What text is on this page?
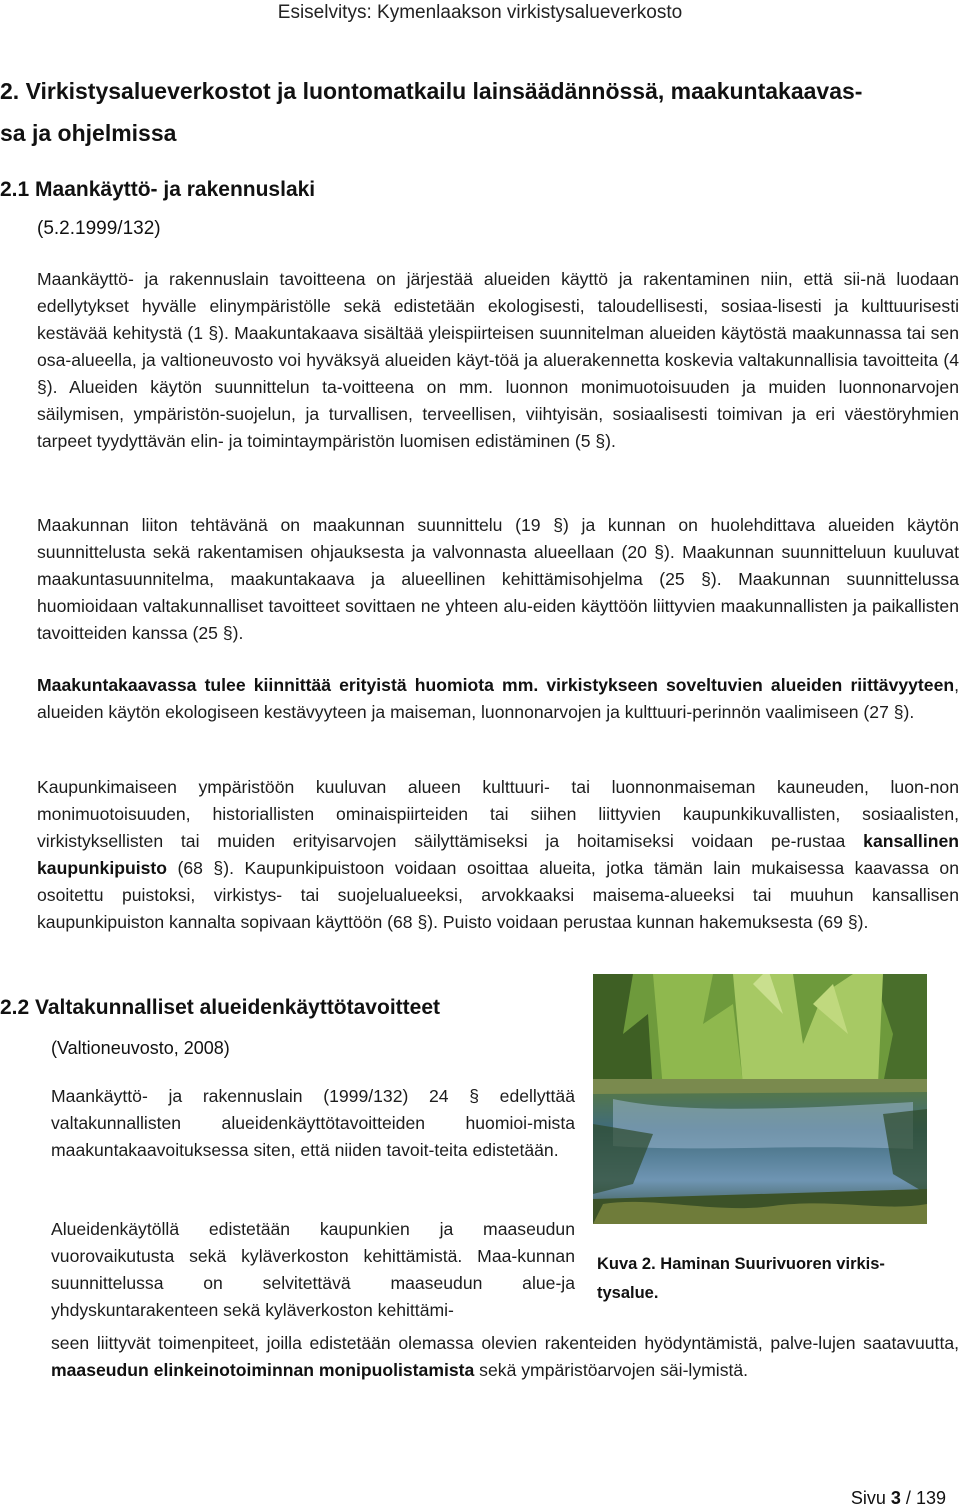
Esiselvitys: Kymenlaakson virkistysalueverkosto
2. Virkistysalueverkostot ja luontomatkailu lainsäädännössä, maakuntakaavas-
sa ja ohjelmissa
2.1 Maankäyttö- ja rakennuslaki
(5.2.1999/132)
Maankäyttö- ja rakennuslain tavoitteena on järjestää alueiden käyttö ja rakentaminen niin, että sii-nä luodaan edellytykset hyvälle elinympäristölle sekä edistetään ekologisesti, taloudellisesti, sosiaa-lisesti ja kulttuurisesti kestävää kehitystä (1 §). Maakuntakaava sisältää yleispiirteisen suunnitelman alueiden käytöstä maakunnassa tai sen osa-alueella, ja valtioneuvosto voi hyväksyä alueiden käyt-töä ja aluerakennetta koskevia valtakunnallisia tavoitteita (4 §). Alueiden käytön suunnittelun ta-voitteena on mm. luonnon monimuotoisuuden ja muiden luonnonarvojen säilymisen, ympäristön-suojelun, ja turvallisen, terveellisen, viihtyisän, sosiaalisesti toimivan ja eri väestöryhmien tarpeet tyydyttävän elin- ja toimintaympäristön luomisen edistäminen (5 §).
Maakunnan liiton tehtävänä on maakunnan suunnittelu (19 §) ja kunnan on huolehdittava alueiden käytön suunnittelusta sekä rakentamisen ohjauksesta ja valvonnasta alueellaan (20 §). Maakunnan suunnitteluun kuuluvat maakuntasuunnitelma, maakuntakaava ja alueellinen kehittämisohjelma (25 §). Maakunnan suunnittelussa huomioidaan valtakunnalliset tavoitteet sovittaen ne yhteen alu-eiden käyttöön liittyvien maakunnallisten ja paikallisten tavoitteiden kanssa (25 §).
Maakuntakaavassa tulee kiinnittää erityistä huomiota mm. virkistykseen soveltuvien alueiden riittävyyteen, alueiden käytön ekologiseen kestävyyteen ja maiseman, luonnonarvojen ja kulttuuri-perinnön vaalimiseen (27 §).
Kaupunkimaiseen ympäristöön kuuluvan alueen kulttuuri- tai luonnonmaiseman kauneuden, luon-non monimuotoisuuden, historiallisten ominaispiirteiden tai siihen liittyvien kaupunkikuvallisten, sosiaalisten, virkistyksellisten tai muiden erityisarvojen säilyttämiseksi ja hoitamiseksi voidaan pe-rustaa kansallinen kaupunkipuisto (68 §). Kaupunkipuistoon voidaan osoittaa alueita, jotka tämän lain mukaisessa kaavassa on osoitettu puistoksi, virkistys- tai suojelualueeksi, arvokkaaksi maisema-alueeksi tai muuhun kansallisen kaupunkipuiston kannalta sopivaan käyttöön (68 §). Puisto voidaan perustaa kunnan hakemuksesta (69 §).
2.2 Valtakunnalliset alueidenkäyttötavoitteet
(Valtioneuvosto, 2008)
Maankäyttö- ja rakennuslain (1999/132) 24 § edellyttää valtakunnallisten alueidenkäyttötavoitteiden huomioi-mista maakuntakaavoituksessa siten, että niiden tavoit-teita edistetään.
Alueidenkäytöllä edistetään kaupunkien ja maaseudun vuorovaikutusta sekä kyläverkoston kehittämistä. Maa-kunnan suunnittelussa on selvitettävä maaseudun alue-ja yhdyskuntarakenteen sekä kyläverkoston kehittämi-
seen liittyvät toimenpiteet, joilla edistetään olemassa olevien rakenteiden hyödyntämistä, palve-lujen saatavuutta, maaseudun elinkeinotoiminnan monipuolistamista sekä ympäristöarvojen säi-lymistä.
Kuva 2. Haminan Suurivuoren virkis-tysalue.
Sivu 3 / 139
